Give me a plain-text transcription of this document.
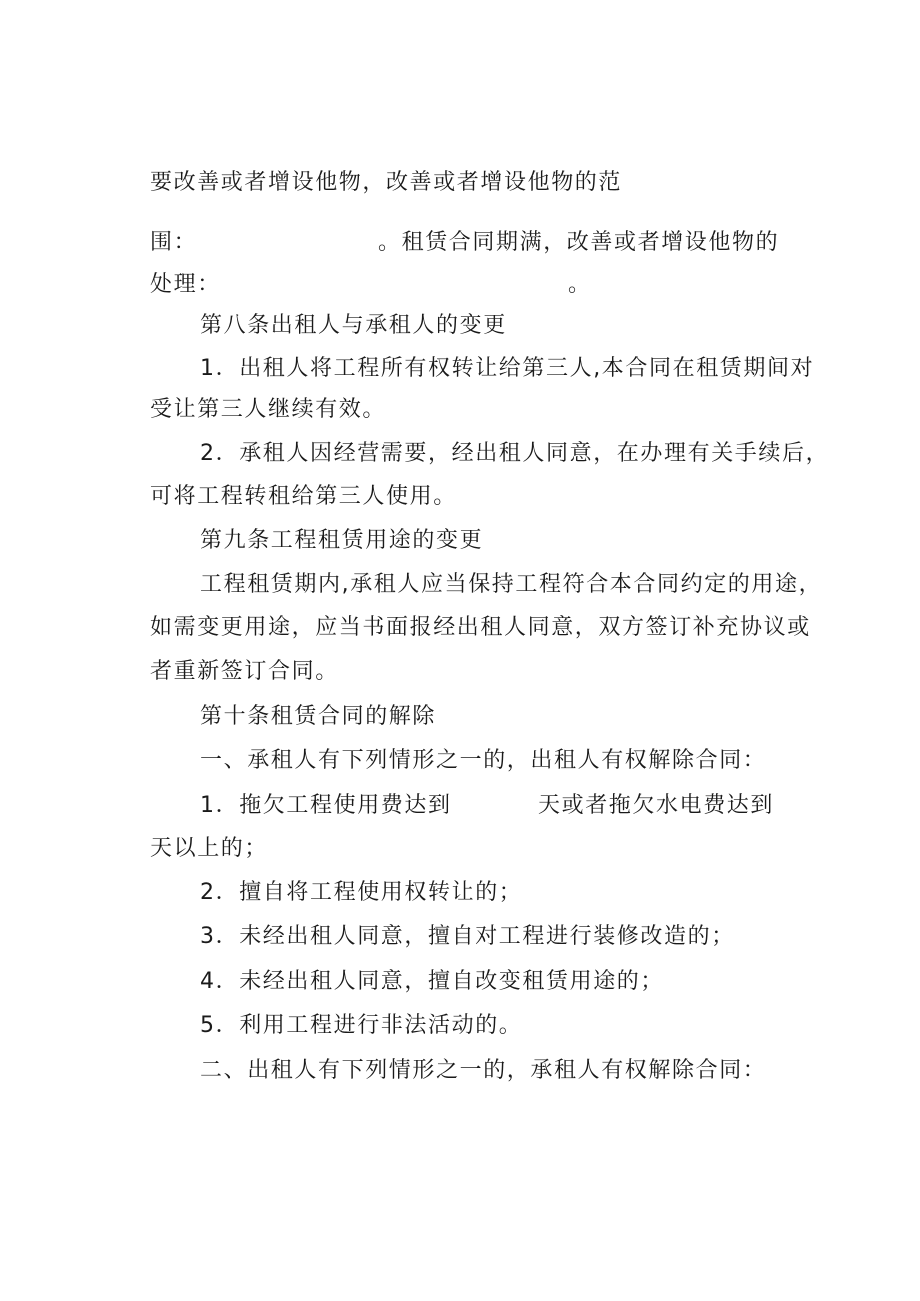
要改善或者增设他物，改善或者增设他物的范
围：	。租赁合同期满，改善或者增设他物的
处理：	。
第八条出租人与承租人的变更
1．出租人将工程所有权转让给第三人,本合同在租赁期间对
受让第三人继续有效。
2．承租人因经营需要，经出租人同意，在办理有关手续后，
可将工程转租给第三人使用。
第九条工程租赁用途的变更
工程租赁期内,承租人应当保持工程符合本合同约定的用途，
如需变更用途，应当书面报经出租人同意，双方签订补充协议或
者重新签订合同。
第十条租赁合同的解除
一、承租人有下列情形之一的，出租人有权解除合同：
1．拖欠工程使用费达到	天或者拖欠水电费达到
天以上的；
2．擅自将工程使用权转让的；
3．未经出租人同意，擅自对工程进行装修改造的；
4．未经出租人同意，擅自改变租赁用途的；
5．利用工程进行非法活动的。
二、出租人有下列情形之一的，承租人有权解除合同：
